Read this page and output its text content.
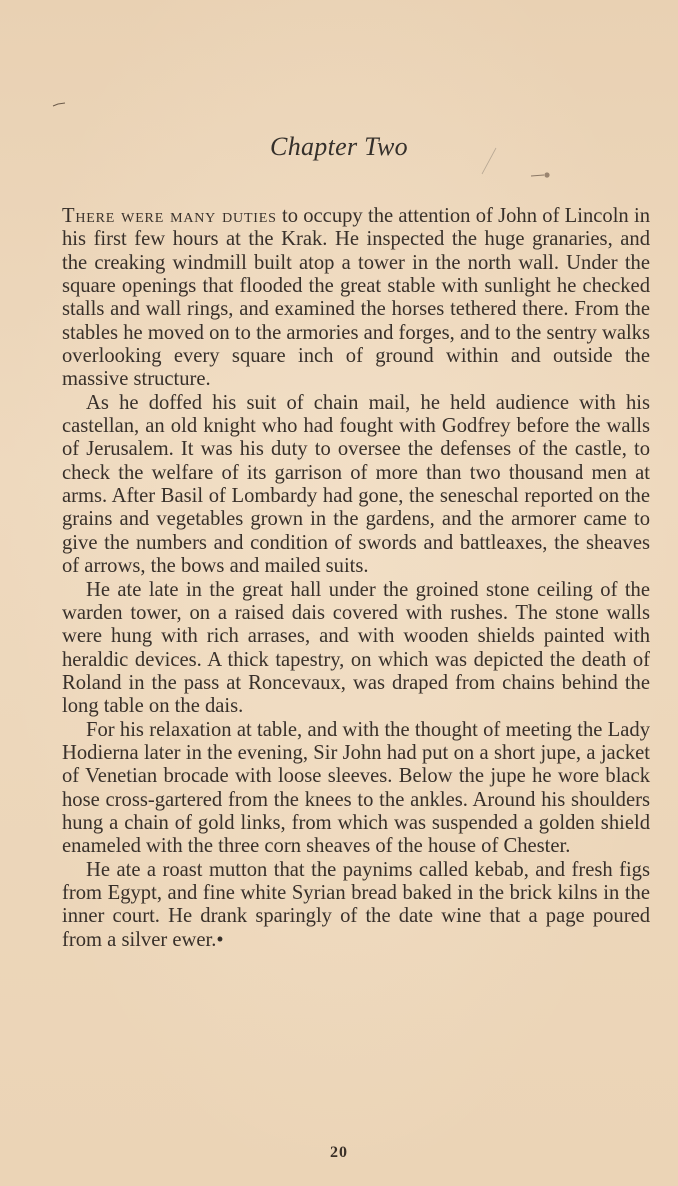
Chapter Two

There were many duties to occupy the attention of John of Lincoln in his first few hours at the Krak. He inspected the huge granaries, and the creaking windmill built atop a tower in the north wall. Under the square openings that flooded the great stable with sunlight he checked stalls and wall rings, and examined the horses tethered there. From the stables he moved on to the armories and forges, and to the sentry walks overlooking every square inch of ground within and outside the massive structure.

As he doffed his suit of chain mail, he held audience with his castellan, an old knight who had fought with Godfrey before the walls of Jerusalem. It was his duty to oversee the defenses of the castle, to check the welfare of its garrison of more than two thousand men at arms. After Basil of Lombardy had gone, the seneschal reported on the grains and vegetables grown in the gardens, and the armorer came to give the numbers and condition of swords and battleaxes, the sheaves of arrows, the bows and mailed suits.

He ate late in the great hall under the groined stone ceiling of the warden tower, on a raised dais covered with rushes. The stone walls were hung with rich arrases, and with wooden shields painted with heraldic devices. A thick tapestry, on which was depicted the death of Roland in the pass at Roncevaux, was draped from chains behind the long table on the dais.

For his relaxation at table, and with the thought of meeting the Lady Hodierna later in the evening, Sir John had put on a short jupe, a jacket of Venetian brocade with loose sleeves. Below the jupe he wore black hose cross-gartered from the knees to the ankles. Around his shoulders hung a chain of gold links, from which was suspended a golden shield enameled with the three corn sheaves of the house of Chester.

He ate a roast mutton that the paynims called kebab, and fresh figs from Egypt, and fine white Syrian bread baked in the brick kilns in the inner court. He drank sparingly of the date wine that a page poured from a silver ewer.•

20
